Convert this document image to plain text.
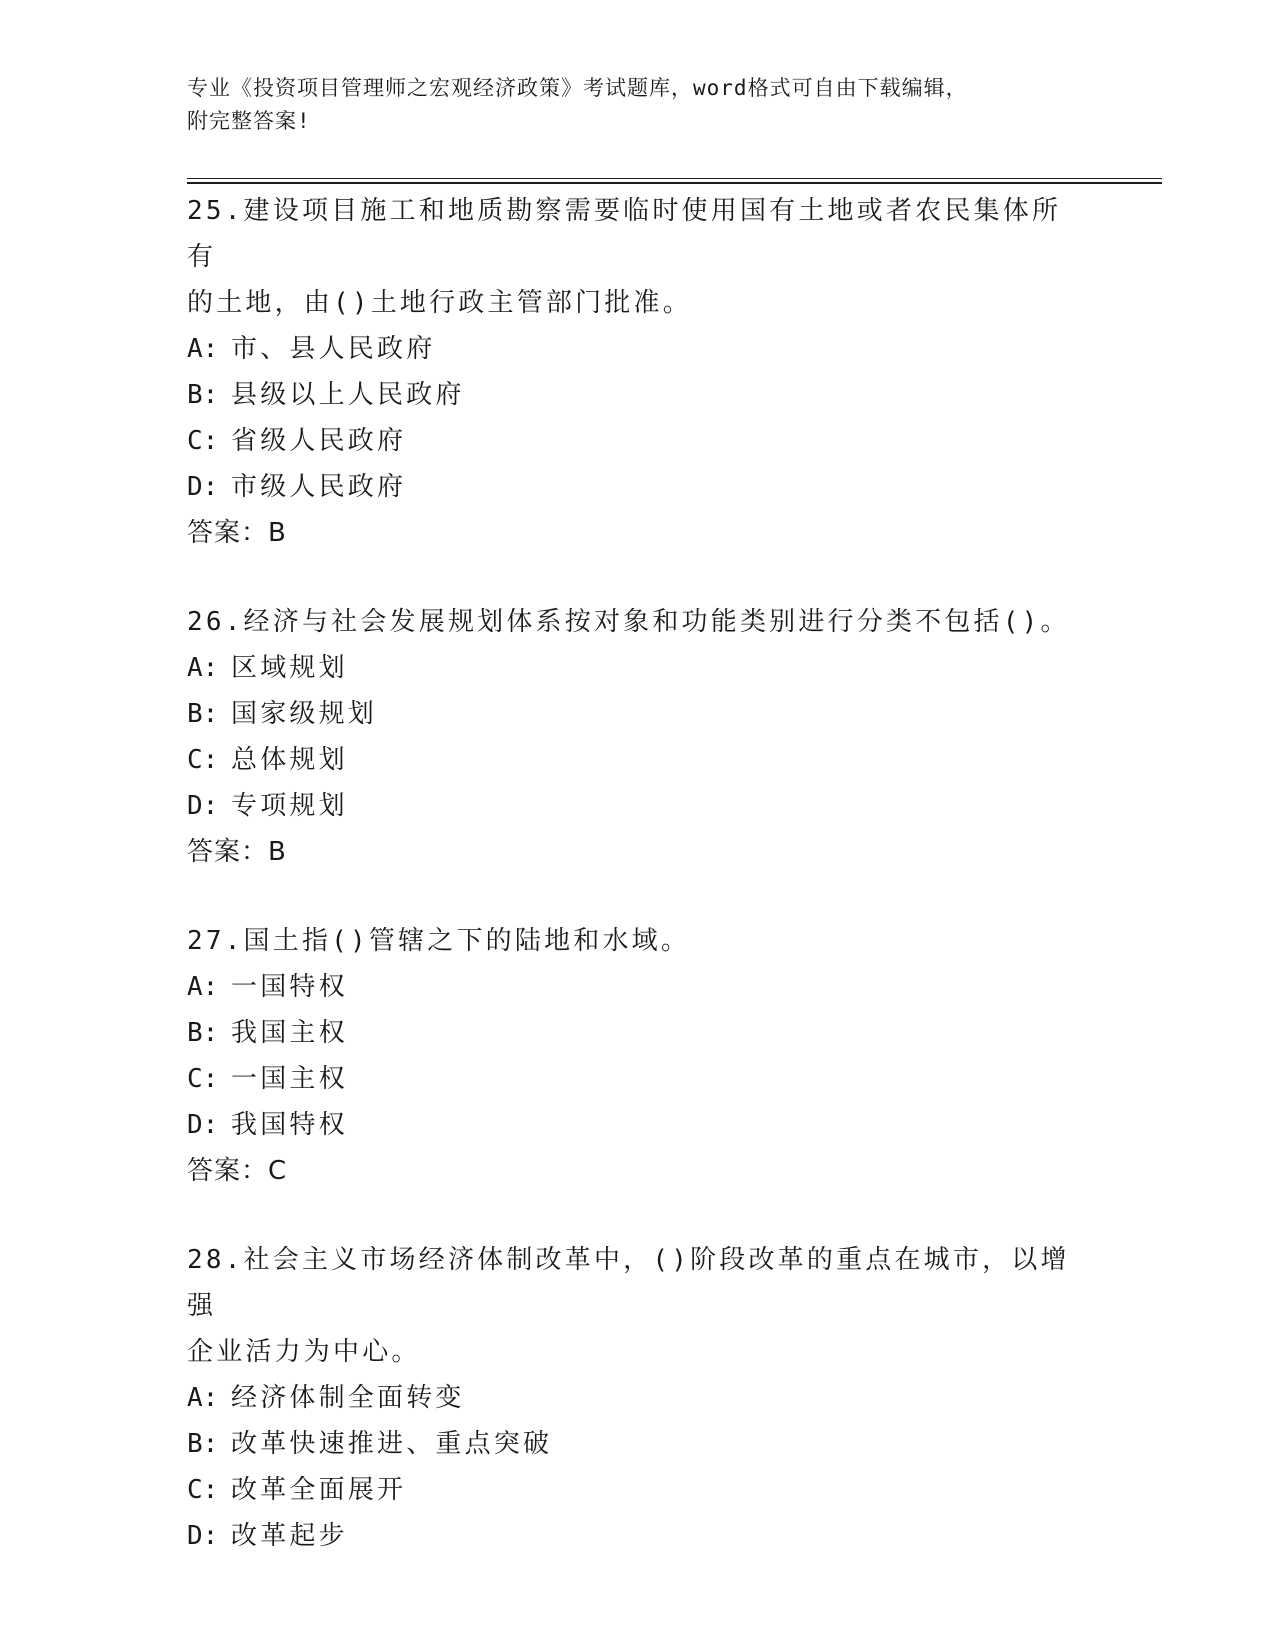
专业《投资项目管理师之宏观经济政策》考试题库，word格式可自由下载编辑，
附完整答案!
25.建设项目施工和地质勘察需要临时使用国有土地或者农民集体所有
的土地，由()土地行政主管部门批准。
A: 市、县人民政府
B: 县级以上人民政府
C: 省级人民政府
D: 市级人民政府
答案：B
26.经济与社会发展规划体系按对象和功能类别进行分类不包括()。
A: 区域规划
B: 国家级规划
C: 总体规划
D: 专项规划
答案：B
27.国土指()管辖之下的陆地和水域。
A: 一国特权
B: 我国主权
C: 一国主权
D: 我国特权
答案：C
28.社会主义市场经济体制改革中，()阶段改革的重点在城市，以增强
企业活力为中心。
A: 经济体制全面转变
B: 改革快速推进、重点突破
C: 改革全面展开
D: 改革起步
